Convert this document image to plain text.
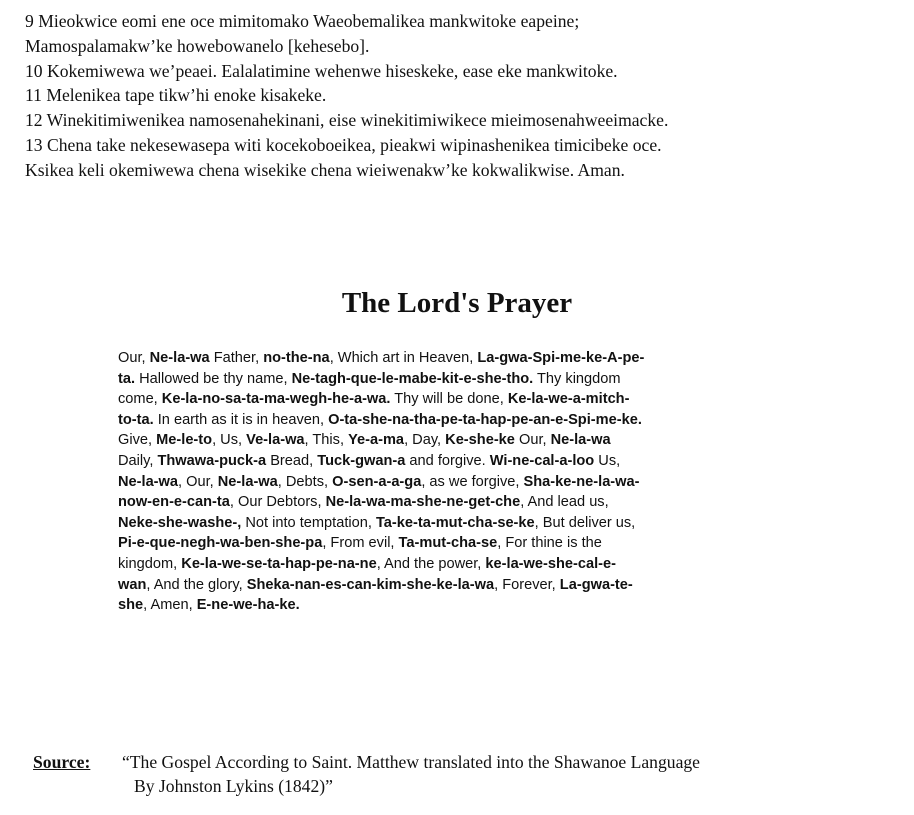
9 Mieokwice eomi ene oce mimitomako Waeobemalikea mankwitoke eapeine;
Mamospalamakw’ke howebowanelo [kehesebo].
10 Kokemiwewa we’peaei. Ealalatimine wehenwe hiseskeke, ease eke mankwitoke.
11 Melenikea tape tikw’hi enoke kisakeke.
12 Winekitimiwenikea namosenahekinani, eise winekitimiwikece mieimosenahweeimacke.
13 Chena take nekesewasepa witi kocekoboeikea, pieakwi wipinashenikea timicibeke oce.
Ksikea keli okemiwewa chena wisekike chena wieiwenakw’ke kokwalikwise. Aman.
The Lord's Prayer
Our, Ne-la-wa Father, no-the-na, Which art in Heaven, La-gwa-Spi-me-ke-A-pe-
ta. Hallowed be thy name, Ne-tagh-que-le-mabe-kit-e-she-tho. Thy kingdom
come, Ke-la-no-sa-ta-ma-wegh-he-a-wa. Thy will be done, Ke-la-we-a-mitch-
to-ta. In earth as it is in heaven, O-ta-she-na-tha-pe-ta-hap-pe-an-e-Spi-me-ke.
Give, Me-le-to, Us, Ve-la-wa, This, Ye-a-ma, Day, Ke-she-ke Our, Ne-la-wa
Daily, Thwawa-puck-a Bread, Tuck-gwan-a and forgive. Wi-ne-cal-a-loo Us,
Ne-la-wa, Our, Ne-la-wa, Debts, O-sen-a-a-ga, as we forgive, Sha-ke-ne-la-wa-
now-en-e-can-ta, Our Debtors, Ne-la-wa-ma-she-ne-get-che, And lead us,
Neke-she-washe-, Not into temptation, Ta-ke-ta-mut-cha-se-ke, But deliver us,
Pi-e-que-negh-wa-ben-she-pa, From evil, Ta-mut-cha-se, For thine is the
kingdom, Ke-la-we-se-ta-hap-pe-na-ne, And the power, ke-la-we-she-cal-e-
wan, And the glory, Sheka-nan-es-can-kim-she-ke-la-wa, Forever, La-gwa-te-
she, Amen, E-ne-we-ha-ke.
Source: “The Gospel According to Saint. Matthew translated into the Shawanoe Language
By Johnston Lykins (1842)”
